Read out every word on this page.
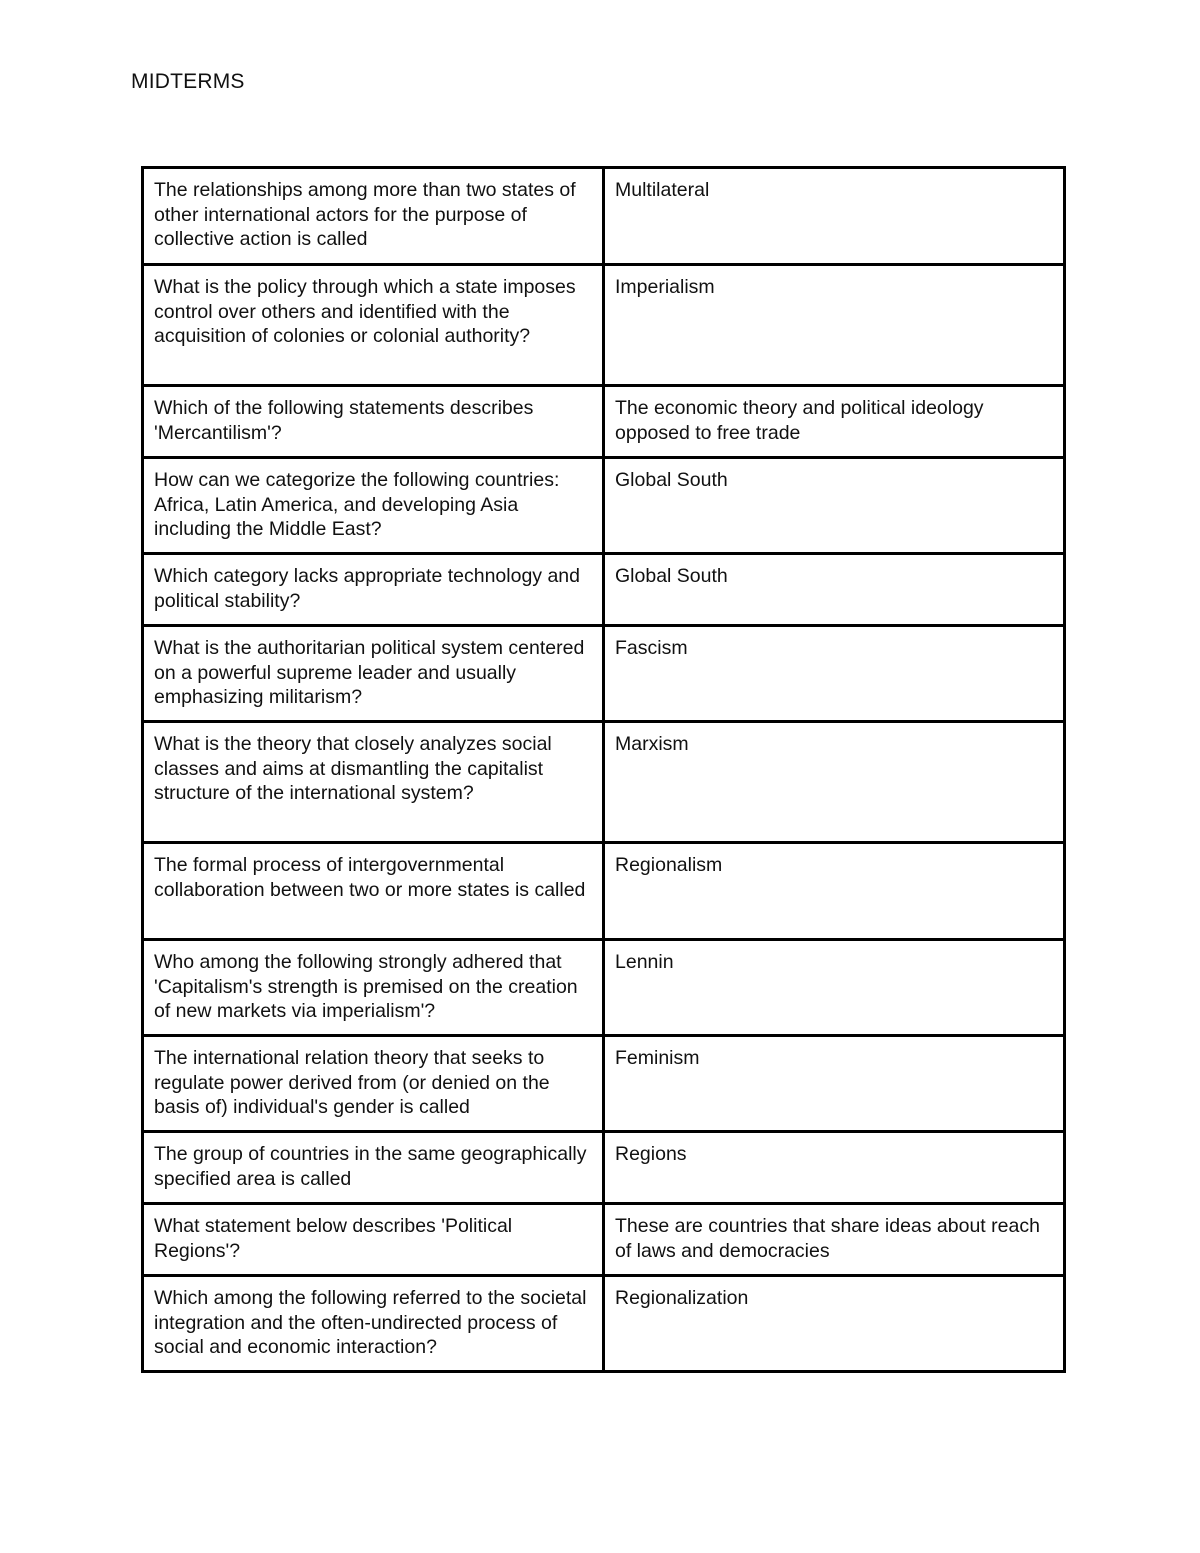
MIDTERMS
The relationships among more than two states of other international actors for the purpose of collective action is called	Multilateral
What is the policy through which a state imposes control over others and identified with the acquisition of colonies or colonial authority?	Imperialism
Which of the following statements describes 'Mercantilism'?	The economic theory and political ideology opposed to free trade
How can we categorize the following countries: Africa, Latin America, and developing Asia including the Middle East?	Global South
Which category lacks appropriate technology and political stability?	Global South
What is the authoritarian political system centered on a powerful supreme leader and usually emphasizing militarism?	Fascism
What is the theory that closely analyzes social classes and aims at dismantling the capitalist structure of the international system?	Marxism
The formal process of intergovernmental collaboration between two or more states is called	Regionalism
Who among the following strongly adhered that 'Capitalism's strength is premised on the creation of new markets via imperialism'?	Lennin
The international relation theory that seeks to regulate power derived from (or denied on the basis of) individual's gender is called	Feminism
The group of countries in the same geographically specified area is called	Regions
What statement below describes 'Political Regions'?	These are countries that share ideas about reach of laws and democracies
Which among the following referred to the societal integration and the often-undirected process of social and economic interaction?	Regionalization
